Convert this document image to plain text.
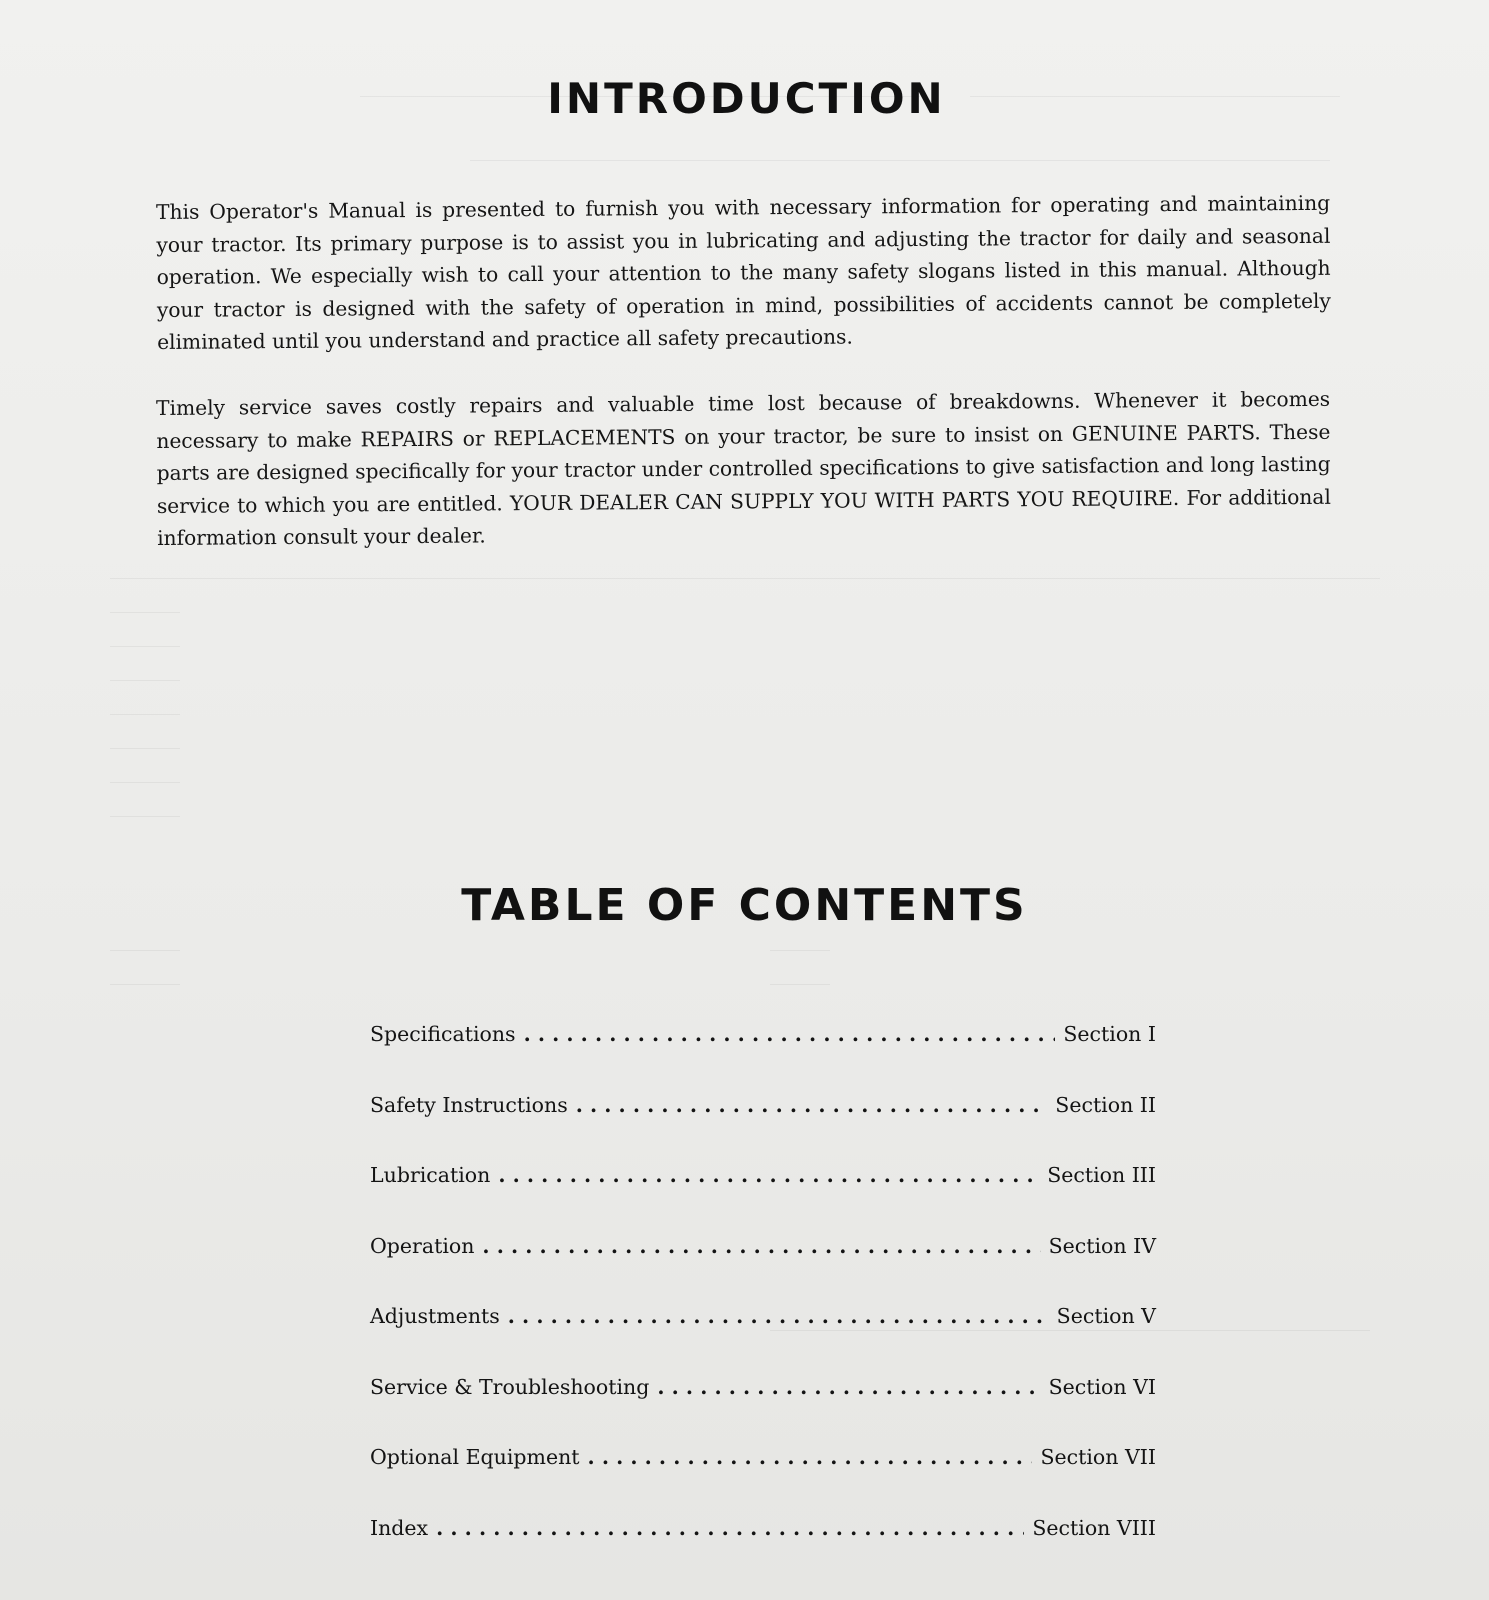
INTRODUCTION

This Operator's Manual is presented to furnish you with necessary information for operating and maintaining your tractor. Its primary purpose is to assist you in lubricating and adjusting the tractor for daily and seasonal operation. We especially wish to call your attention to the many safety slogans listed in this manual. Although your tractor is designed with the safety of operation in mind, possibilities of accidents cannot be completely eliminated until you understand and practice all safety precautions.

Timely service saves costly repairs and valuable time lost because of breakdowns. Whenever it becomes necessary to make REPAIRS or REPLACEMENTS on your tractor, be sure to insist on GENUINE PARTS. These parts are designed specifically for your tractor under controlled specifications to give satisfaction and long lasting service to which you are entitled. YOUR DEALER CAN SUPPLY YOU WITH PARTS YOU REQUIRE. For additional information consult your dealer.

TABLE OF CONTENTS
Specifications . . .	Section I
Safety Instructions . . .	Section II
Lubrication . . .	Section III
Operation . . .	Section IV
Adjustments . . .	Section V
Service & Troubleshooting . . .	Section VI
Optional Equipment . . .	Section VII
Index . . .	Section VIII
